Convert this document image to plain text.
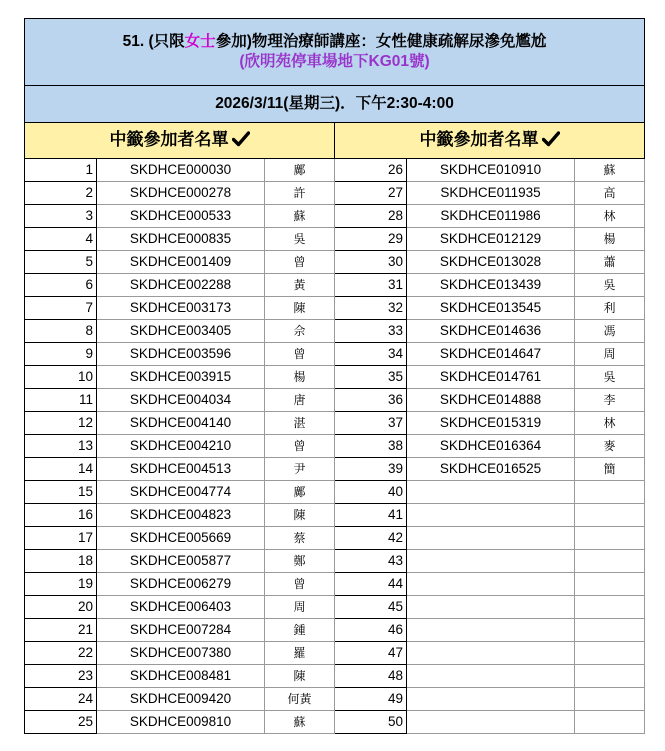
51. (只限女士參加)物理治療師講座：女性健康疏解尿滲免尷尬
(欣明苑停車場地下KG01號)					

2026/3/11(星期三)．下午2:30-4:00					
中籤參加者名單			中籤參加者名單		
1	SKDHCE000030	鄺	26	SKDHCE010910	蘇
2	SKDHCE000278	許	27	SKDHCE011935	高
3	SKDHCE000533	蘇	28	SKDHCE011986	林
4	SKDHCE000835	吳	29	SKDHCE012129	楊
5	SKDHCE001409	曾	30	SKDHCE013028	蕭
6	SKDHCE002288	黃	31	SKDHCE013439	吳
7	SKDHCE003173	陳	32	SKDHCE013545	利
8	SKDHCE003405	佘	33	SKDHCE014636	馮
9	SKDHCE003596	曾	34	SKDHCE014647	周
10	SKDHCE003915	楊	35	SKDHCE014761	吳
11	SKDHCE004034	唐	36	SKDHCE014888	李
12	SKDHCE004140	湛	37	SKDHCE015319	林
13	SKDHCE004210	曾	38	SKDHCE016364	麥
14	SKDHCE004513	尹	39	SKDHCE016525	簡
15	SKDHCE004774	鄺	40		
16	SKDHCE004823	陳	41		
17	SKDHCE005669	蔡	42		
18	SKDHCE005877	鄭	43		
19	SKDHCE006279	曾	44		
20	SKDHCE006403	周	45		
21	SKDHCE007284	鍾	46		
22	SKDHCE007380	羅	47		
23	SKDHCE008481	陳	48		
24	SKDHCE009420	何黃	49		
25	SKDHCE009810	蘇	50		
